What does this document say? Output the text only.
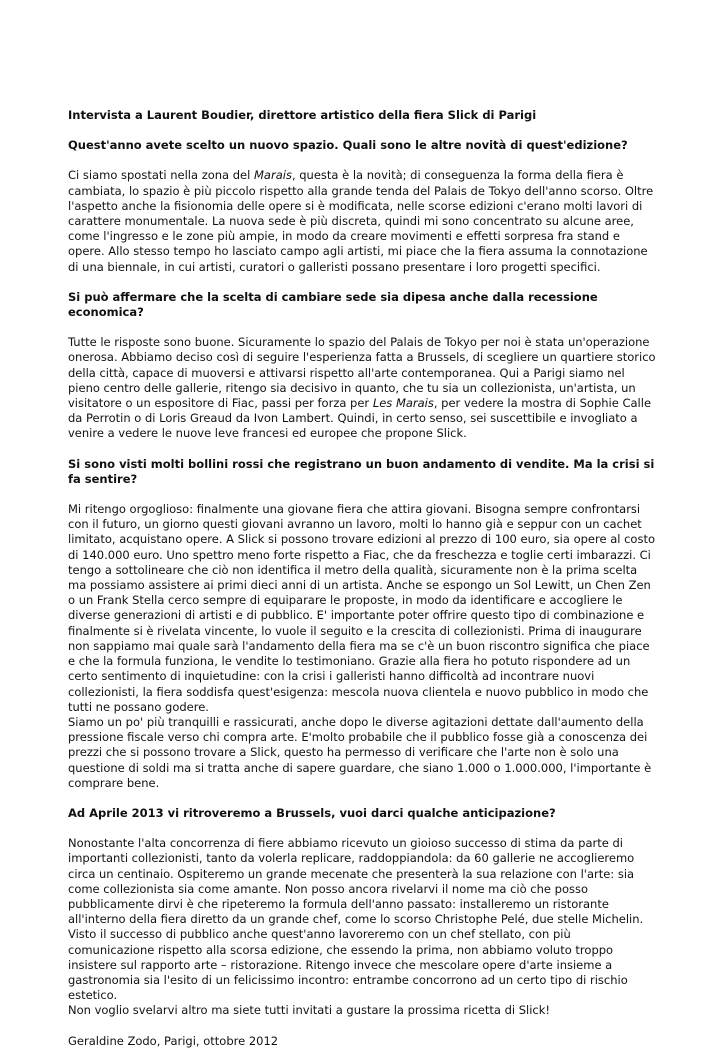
Intervista a Laurent Boudier, direttore artistico della fiera Slick di Parigi

Quest'anno avete scelto un nuovo spazio. Quali sono le altre novità di quest'edizione?

Ci siamo spostati nella zona del Marais, questa è la novità; di conseguenza la forma della fiera è cambiata, lo spazio è più piccolo rispetto alla grande tenda del Palais de Tokyo dell'anno scorso. Oltre l'aspetto anche la fisionomia delle opere si è modificata, nelle scorse edizioni c'erano molti lavori di carattere monumentale. La nuova sede è più discreta, quindi mi sono concentrato su alcune aree, come l'ingresso e le zone più ampie, in modo da creare movimenti e effetti sorpresa fra stand e opere. Allo stesso tempo ho lasciato campo agli artisti, mi piace che la fiera assuma la connotazione di una biennale, in cui artisti, curatori o galleristi possano presentare i loro progetti specifici.

Si può affermare che la scelta di cambiare sede sia dipesa anche dalla recessione economica?

Tutte le risposte sono buone. Sicuramente lo spazio del Palais de Tokyo per noi è stata un'operazione onerosa. Abbiamo deciso così di seguire l'esperienza fatta a Brussels, di scegliere un quartiere storico della città, capace di muoversi e attivarsi rispetto all'arte contemporanea. Qui a Parigi siamo nel pieno centro delle gallerie, ritengo sia decisivo in quanto, che tu sia un collezionista, un'artista, un visitatore o un espositore di Fiac, passi per forza per Les Marais, per vedere la mostra di Sophie Calle da Perrotin o di Loris Greaud da Ivon Lambert. Quindi, in certo senso, sei suscettibile e invogliato a venire a vedere le nuove leve francesi ed europee che propone Slick.

Si sono visti molti bollini rossi che registrano un buon andamento di vendite. Ma la crisi si fa sentire?

Mi ritengo orgoglioso: finalmente una giovane fiera che attira giovani. Bisogna sempre confrontarsi con il futuro, un giorno questi giovani avranno un lavoro, molti lo hanno già e seppur con un cachet limitato, acquistano opere. A Slick si possono trovare edizioni al prezzo di 100 euro, sia opere al costo di 140.000 euro. Uno spettro meno forte rispetto a Fiac, che da freschezza e toglie certi imbarazzi. Ci tengo a sottolineare che ciò non identifica il metro della qualità, sicuramente non è la prima scelta ma possiamo assistere ai primi dieci anni di un artista. Anche se espongo un Sol Lewitt, un Chen Zen o un Frank Stella cerco sempre di equiparare le proposte, in modo da identificare e accogliere le diverse generazioni di artisti e di pubblico. E' importante poter offrire questo tipo di combinazione e finalmente si è rivelata vincente, lo vuole il seguito e la crescita di collezionisti. Prima di inaugurare non sappiamo mai quale sarà l'andamento della fiera ma se c'è un buon riscontro significa che piace e che la formula funziona, le vendite lo testimoniano. Grazie alla fiera ho potuto rispondere ad un certo sentimento di inquietudine: con la crisi i galleristi hanno difficoltà ad incontrare nuovi collezionisti, la fiera soddisfa quest'esigenza: mescola nuova clientela e nuovo pubblico in modo che tutti ne possano godere.
Siamo un po' più tranquilli e rassicurati, anche dopo le diverse agitazioni dettate dall'aumento della pressione fiscale verso chi compra arte. E'molto probabile che il pubblico fosse già a conoscenza dei prezzi che si possono trovare a Slick, questo ha permesso di verificare che l'arte non è solo una questione di soldi ma si tratta anche di sapere guardare, che siano 1.000 o 1.000.000, l'importante è comprare bene.

Ad Aprile 2013 vi ritroveremo a Brussels, vuoi darci qualche anticipazione?

Nonostante l'alta concorrenza di fiere abbiamo ricevuto un gioioso successo di stima da parte di importanti collezionisti, tanto da volerla replicare, raddoppiandola: da 60 gallerie ne accoglieremo circa un centinaio. Ospiteremo un grande mecenate che presenterà la sua relazione con l'arte: sia come collezionista sia come amante. Non posso ancora rivelarvi il nome ma ciò che posso pubblicamente dirvi è che ripeteremo la formula dell'anno passato: installeremo un ristorante all'interno della fiera diretto da un grande chef, come lo scorso Christophe Pelé, due stelle Michelin. Visto il successo di pubblico anche quest'anno lavoreremo con un chef stellato, con più comunicazione rispetto alla scorsa edizione, che essendo la prima, non abbiamo voluto troppo insistere sul rapporto arte – ristorazione. Ritengo invece che mescolare opere d'arte insieme a gastronomia sia l'esito di un felicissimo incontro: entrambe concorrono ad un certo tipo di rischio estetico.
Non voglio svelarvi altro ma siete tutti invitati a gustare la prossima ricetta di Slick!

Geraldine Zodo, Parigi, ottobre 2012
